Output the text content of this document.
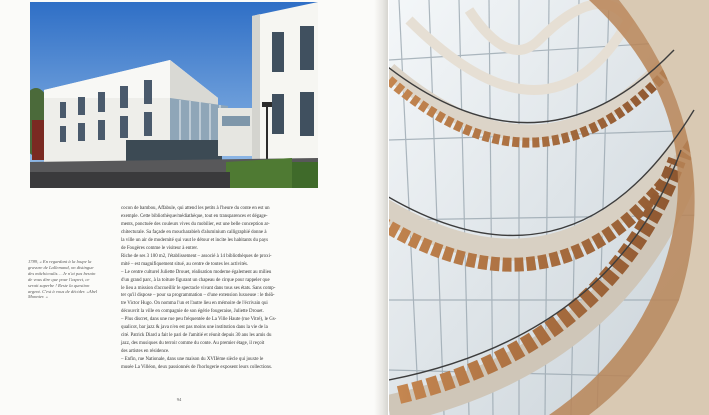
1789, « En regardant à la loupe la gravure de Lallemand, on distingue des mâchicoulis… Je n'ai pas besoin de vous dire que pour l'aspect, ce serait superbe ! Reste la question argent. C'est à vous de décider. »Abel Monnier. »

cocon de bambou, Affabule, qui attend les petits à l'heure du conte en est un

exemple. Cette bibliothèque/médiathèque, tout en transparences et dégage-

ments, ponctuée des couleurs vives du mobilier, est une belle conception ar-

chitecturale. Sa façade en moucharabieh d'aluminium calligraphié donne à

la ville un air de modernité qui vaut le détour et incite les habitants du pays

de Fougères comme le visiteur à entrer.

Riche de ses 3 100 m2, l'établissement – associé à 14 bibliothèques de proxi-

mité – est magnifiquement situé, au centre de toutes les activités.

– Le centre culturel Juliette Drouet, réalisation moderne également au milieu

d'un grand parc, à la toiture figurant un chapeau de cirque pour rappeler que

le lieu a mission d'accueillir le spectacle vivant dans tous ses états. Sans comp-

ter qu'il dispose – pour sa programmation – d'une extension luxueuse : le théâ-

tre Victor Hugo. On nomma l'un et l'autre lieu en mémoire de l'écrivain qui

découvrit la ville en compagnie de son égérie fougeraise, Juliette Drouet.

– Plus discret, dans une rue peu fréquentée de La Ville Haute (rue Vitré), le Gs-

qualicot, bar jazz & java n'en est pas moins une institution dans la vie de la

cité. Patrick Diard a fait le pari de l'amitié et réunit depuis 30 ans les amis du

jazz, des musiques du terroir comme du conte. Au premier étage, il reçoit

des artistes en résidence.

– Enfin, rue Nationale, dans une maison du XVIIème siècle qui jouxte le

musée La Villéon, deux passionnés de l'horlogerie exposent leurs collections.

94
